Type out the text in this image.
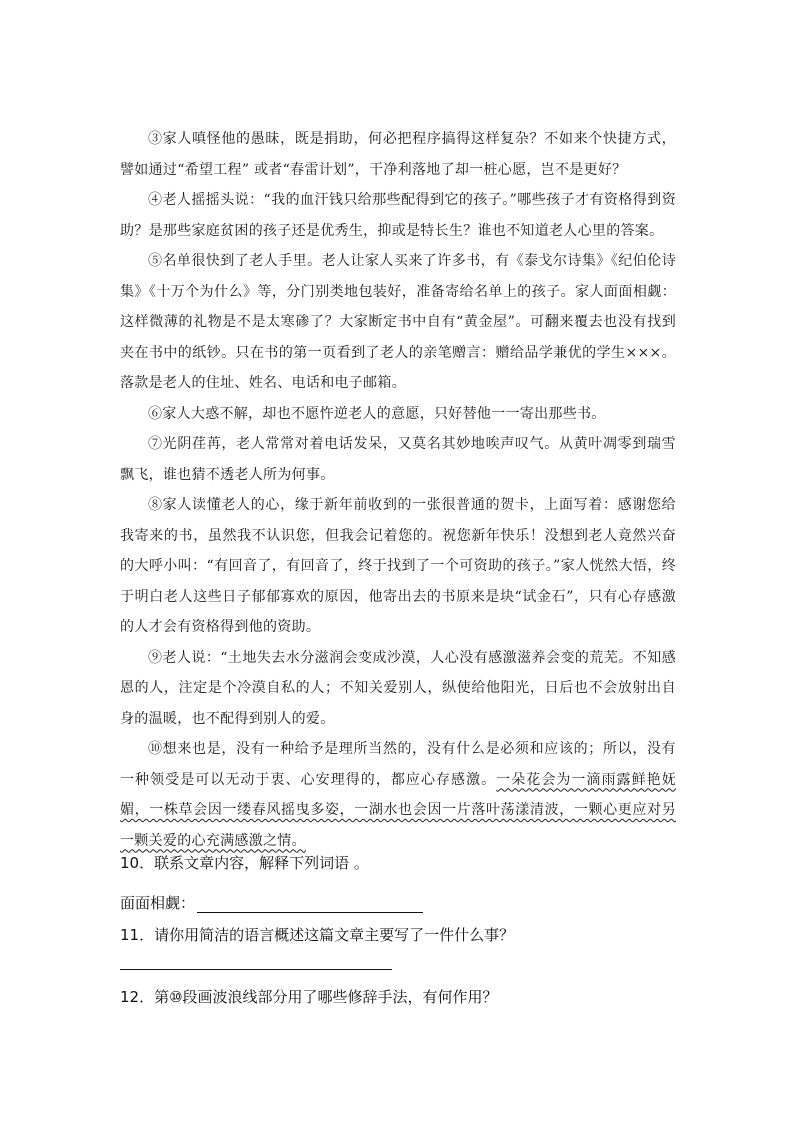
③家人嗔怪他的愚昧，既是捐助，何必把程序搞得这样复杂？不如来个快捷方式，譬如通过“希望工程” 或者“春雷计划”，干净利落地了却一桩心愿，岂不是更好？

④老人摇摇头说：“我的血汗钱只给那些配得到它的孩子。”哪些孩子才有资格得到资助？是那些家庭贫困的孩子还是优秀生，抑或是特长生？谁也不知道老人心里的答案。

⑤名单很快到了老人手里。老人让家人买来了许多书，有《泰戈尔诗集》《纪伯伦诗集》《十万个为什么》等，分门别类地包装好，准备寄给名单上的孩子。家人面面相觑：这样微薄的礼物是不是太寒碜了？大家断定书中自有“黄金屋”。可翻来覆去也没有找到夹在书中的纸钞。只在书的第一页看到了老人的亲笔赠言：赠给品学兼优的学生×××。落款是老人的住址、姓名、电话和电子邮箱。

⑥家人大惑不解，却也不愿忤逆老人的意愿，只好替他一一寄出那些书。

⑦光阴荏苒，老人常常对着电话发呆，又莫名其妙地唉声叹气。从黄叶凋零到瑞雪飘飞，谁也猜不透老人所为何事。

⑧家人读懂老人的心，缘于新年前收到的一张很普通的贺卡，上面写着：感谢您给我寄来的书，虽然我不认识您，但我会记着您的。祝您新年快乐！没想到老人竟然兴奋的大呼小叫：“有回音了，有回音了，终于找到了一个可资助的孩子。”家人恍然大悟，终于明白老人这些日子郁郁寡欢的原因，他寄出去的书原来是块“试金石”，只有心存感激的人才会有资格得到他的资助。

⑨老人说：“土地失去水分滋润会变成沙漠，人心没有感激滋养会变的荒芜。不知感恩的人，注定是个冷漠自私的人；不知关爱别人，纵使给他阳光，日后也不会放射出自身的温暖，也不配得到别人的爱。

⑩想来也是，没有一种给予是理所当然的，没有什么是必须和应该的；所以，没有一种领受是可以无动于衷、心安理得的，都应心存感激。一朵花会为一滴雨露鲜艳妩媚，一株草会因一缕春风摇曳多姿，一湖水也会因一片落叶荡漾清波，一颗心更应对另一颗关爱的心充满感激之情。

10．联系文章内容，解释下列词语 。
面面相觑：
11．请你用简洁的语言概述这篇文章主要写了一件什么事？
12．第⑩段画波浪线部分用了哪些修辞手法，有何作用？
